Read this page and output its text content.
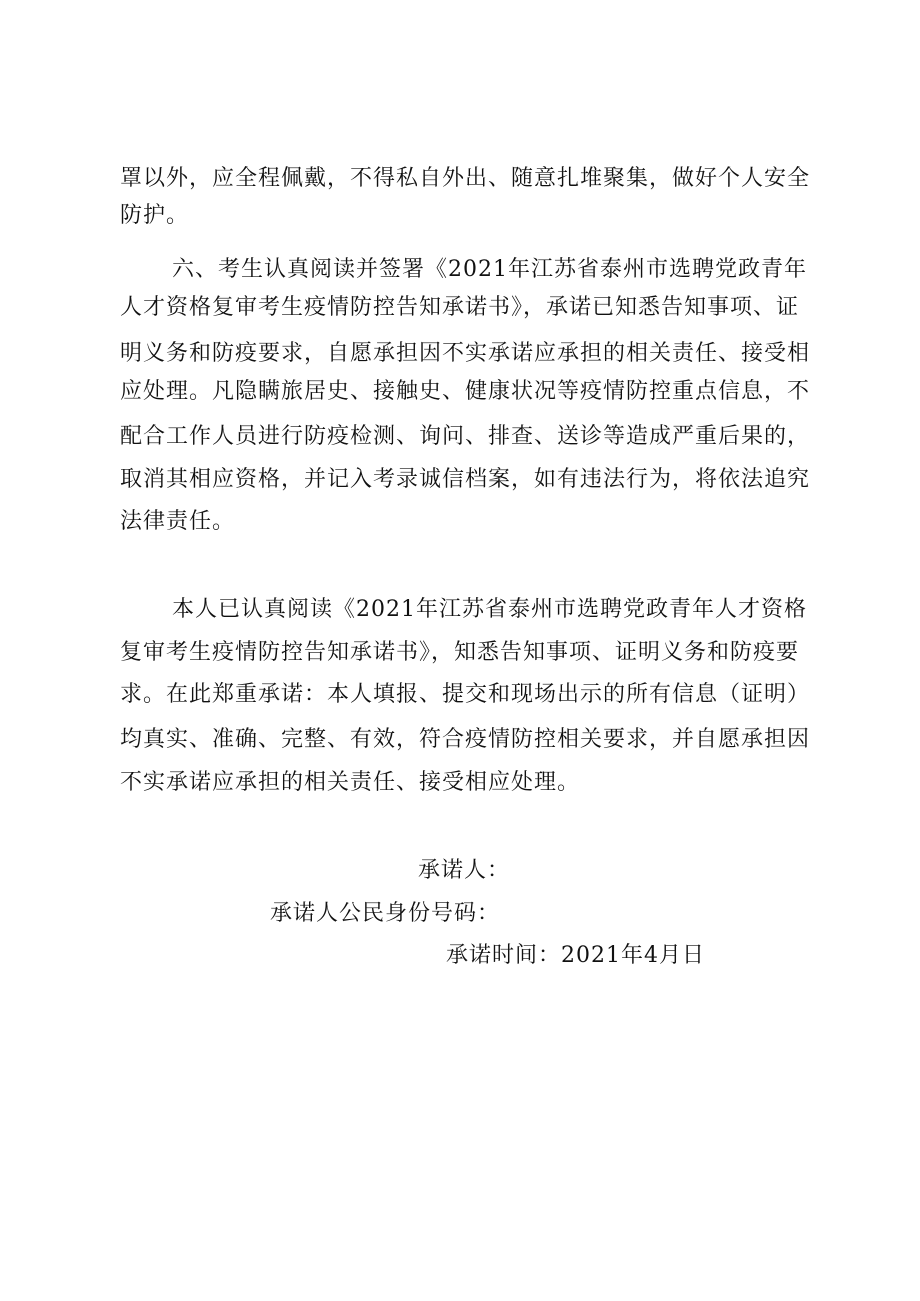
罩以外，应全程佩戴，不得私自外出、随意扎堆聚集，做好个人安全
防护。
六、考生认真阅读并签署《2021年江苏省泰州市选聘党政青年
人才资格复审考生疫情防控告知承诺书》，承诺已知悉告知事项、证
明义务和防疫要求，自愿承担因不实承诺应承担的相关责任、接受相
应处理。凡隐瞒旅居史、接触史、健康状况等疫情防控重点信息，不
配合工作人员进行防疫检测、询问、排查、送诊等造成严重后果的，
取消其相应资格，并记入考录诚信档案，如有违法行为，将依法追究
法律责任。
本人已认真阅读《2021年江苏省泰州市选聘党政青年人才资格
复审考生疫情防控告知承诺书》，知悉告知事项、证明义务和防疫要
求。在此郑重承诺：本人填报、提交和现场出示的所有信息（证明）
均真实、准确、完整、有效，符合疫情防控相关要求，并自愿承担因
不实承诺应承担的相关责任、接受相应处理。
承诺人：
承诺人公民身份号码：
承诺时间：2021年4月日
